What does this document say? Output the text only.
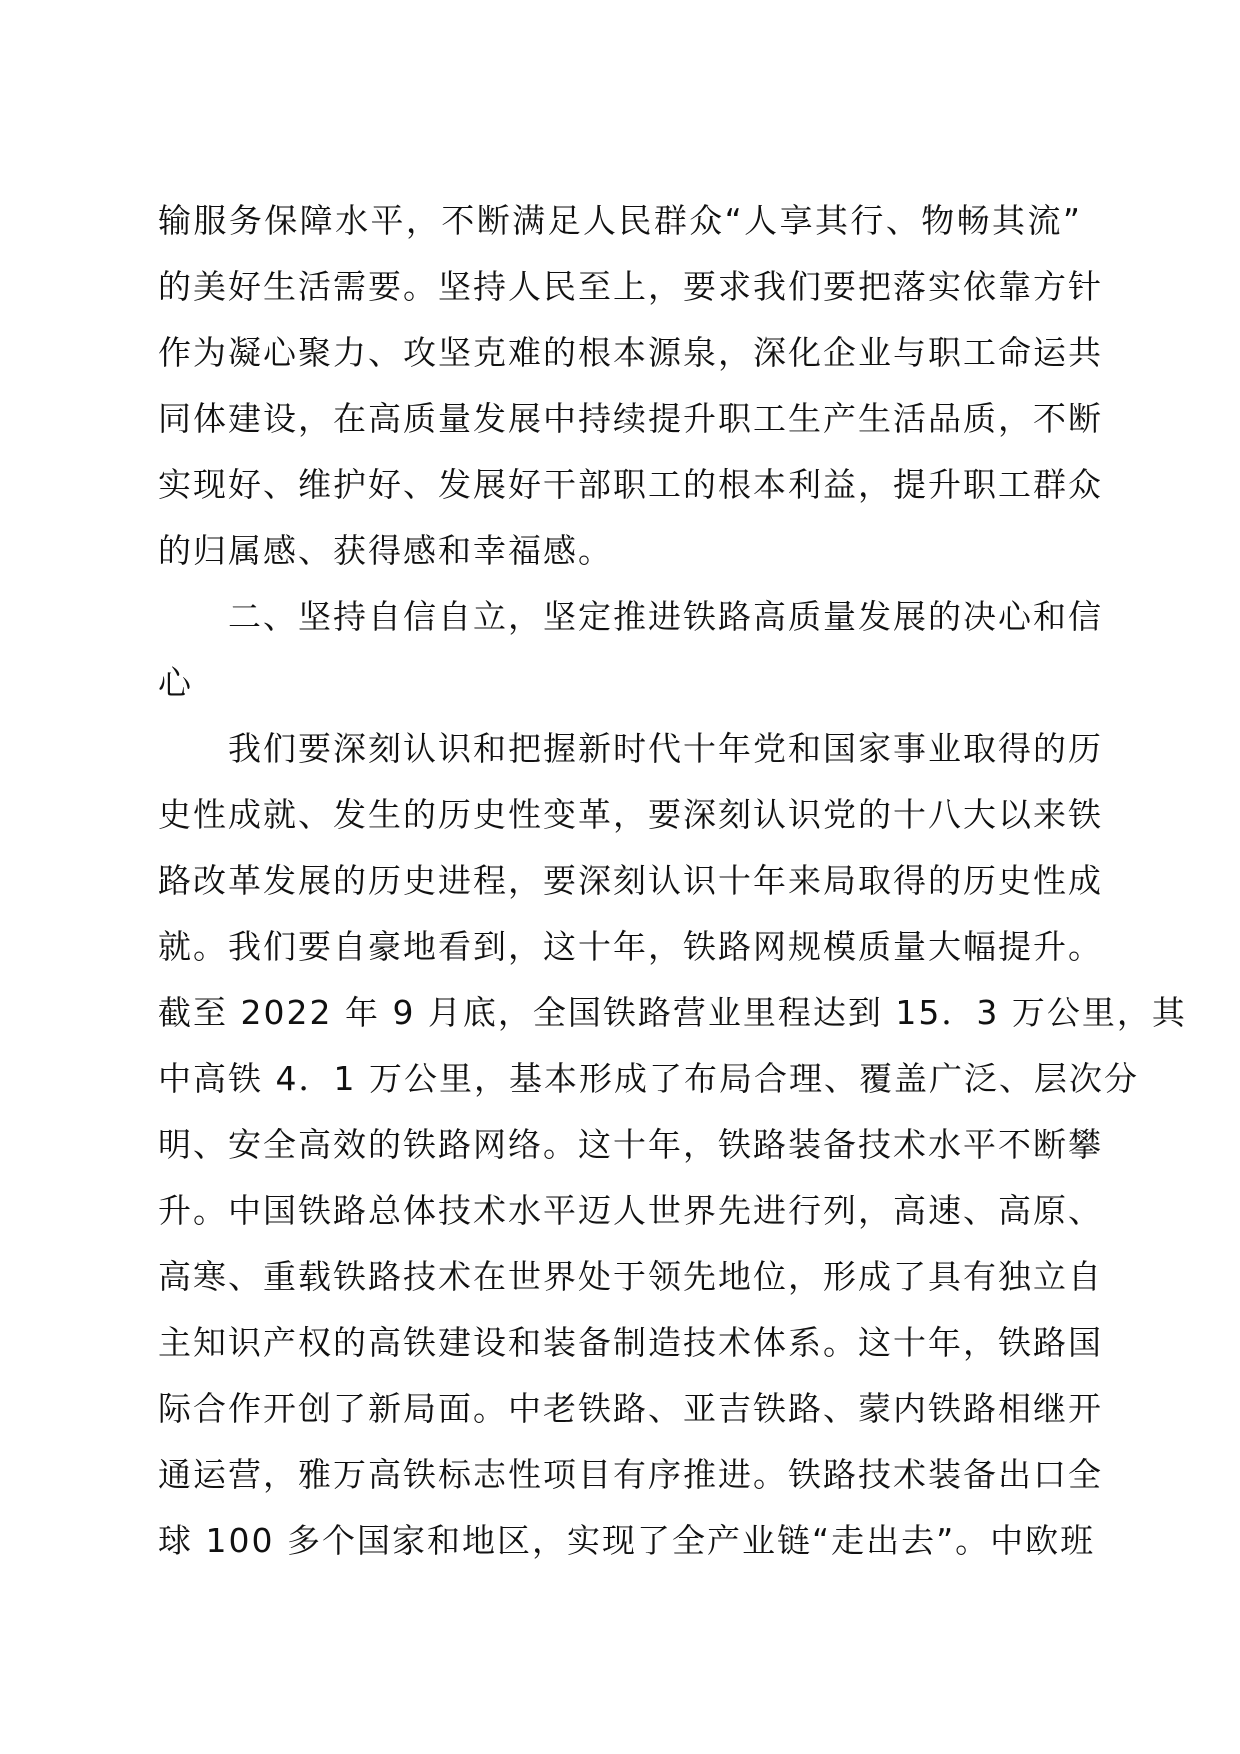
输服务保障水平，不断满足人民群众“人享其行、物畅其流”
的美好生活需要。坚持人民至上，要求我们要把落实依靠方针
作为凝心聚力、攻坚克难的根本源泉，深化企业与职工命运共
同体建设，在高质量发展中持续提升职工生产生活品质，不断
实现好、维护好、发展好干部职工的根本利益，提升职工群众
的归属感、获得感和幸福感。
　　二、坚持自信自立，坚定推进铁路高质量发展的决心和信
心
　　我们要深刻认识和把握新时代十年党和国家事业取得的历
史性成就、发生的历史性变革，要深刻认识党的十八大以来铁
路改革发展的历史进程，要深刻认识十年来局取得的历史性成
就。我们要自豪地看到，这十年，铁路网规模质量大幅提升。
截至 2022 年 9 月底，全国铁路营业里程达到 15．3 万公里，其
中高铁 4．1 万公里，基本形成了布局合理、覆盖广泛、层次分
明、安全高效的铁路网络。这十年，铁路装备技术水平不断攀
升。中国铁路总体技术水平迈人世界先进行列，高速、高原、
高寒、重载铁路技术在世界处于领先地位，形成了具有独立自
主知识产权的高铁建设和装备制造技术体系。这十年，铁路国
际合作开创了新局面。中老铁路、亚吉铁路、蒙内铁路相继开
通运营，雅万高铁标志性项目有序推进。铁路技术装备出口全
球 100 多个国家和地区，实现了全产业链“走出去”。中欧班
